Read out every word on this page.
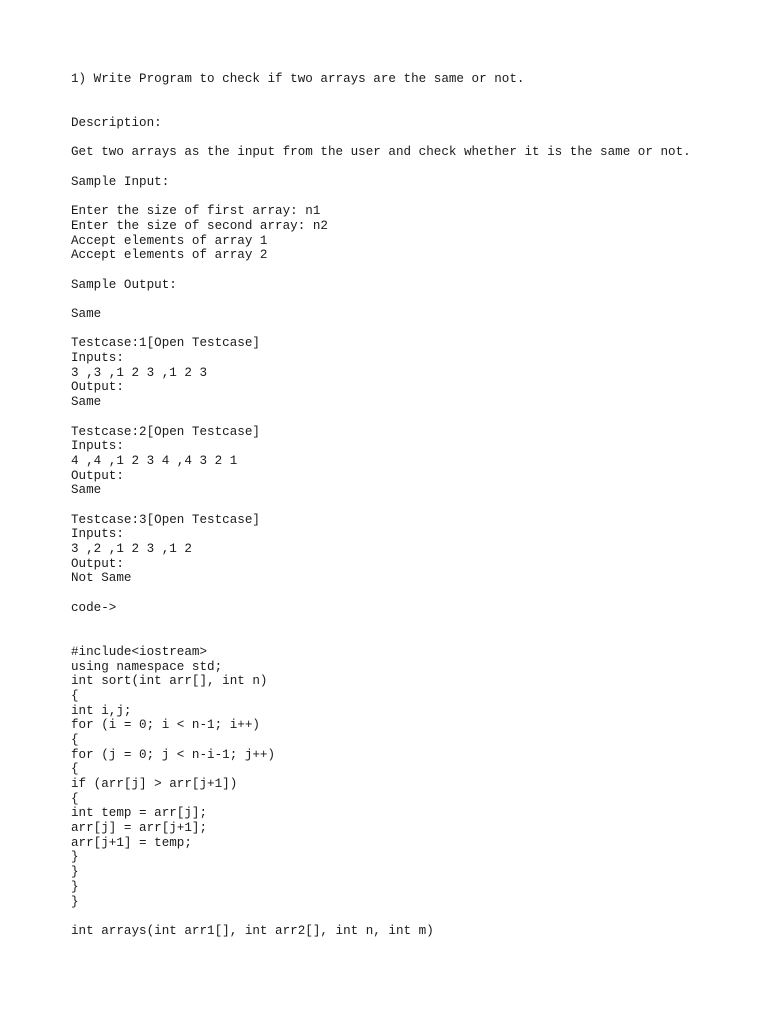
1) Write Program to check if two arrays are the same or not.
Description:
Get two arrays as the input from the user and check whether it is the same or not.
Sample Input:
Enter the size of first array: n1
Enter the size of second array: n2
Accept elements of array 1
Accept elements of array 2
Sample Output:
Same
Testcase:1[Open Testcase]
Inputs:
3 ,3 ,1 2 3 ,1 2 3
Output:
Same
Testcase:2[Open Testcase]
Inputs:
4 ,4 ,1 2 3 4 ,4 3 2 1
Output:
Same
Testcase:3[Open Testcase]
Inputs:
3 ,2 ,1 2 3 ,1 2
Output:
Not Same
code->
#include<iostream>
using namespace std;
int sort(int arr[], int n)
{
int i,j;
for (i = 0; i < n-1; i++)
{
for (j = 0; j < n-i-1; j++)
{
if (arr[j] > arr[j+1])
{
int temp = arr[j];
arr[j] = arr[j+1];
arr[j+1] = temp;
}
}
}
}
int arrays(int arr1[], int arr2[], int n, int m)
